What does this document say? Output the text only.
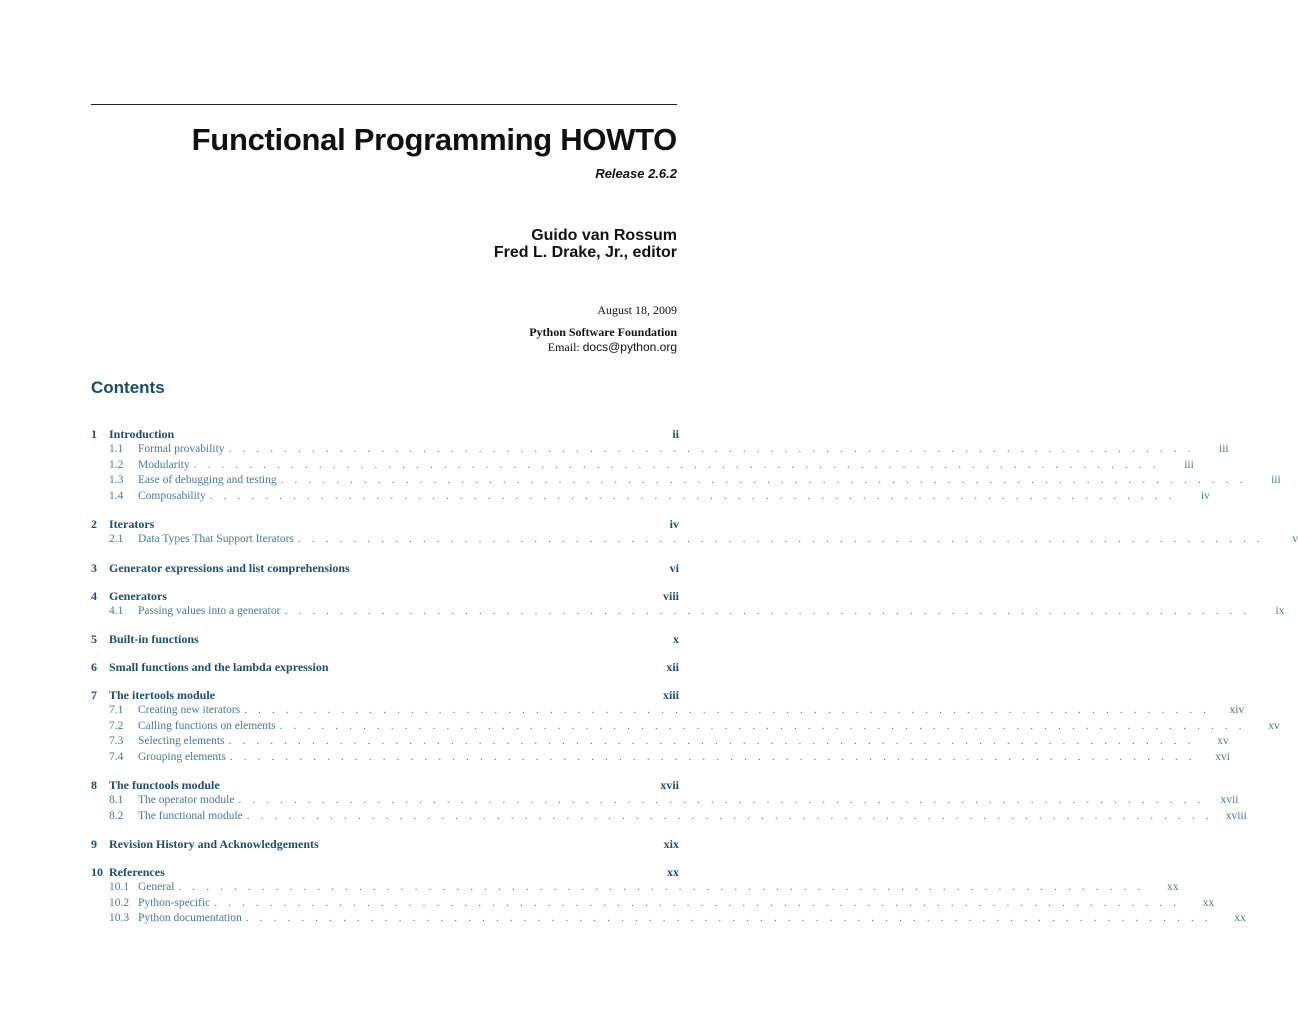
Functional Programming HOWTO
Release 2.6.2
Guido van Rossum
Fred L. Drake, Jr., editor
August 18, 2009
Python Software Foundation
Email: docs@python.org
Contents
1	Introduction	ii
1.1	Formal provability . . . . . . . . . . . . . . . . . . . . . . . . . . . . . . . . . . . . . . . . . . . . . . . . . . . . . . . . . . . . . . . . . . . . . .	iii
1.2	Modularity . . . . . . . . . . . . . . . . . . . . . . . . . . . . . . . . . . . . . . . . . . . . . . . . . . . . . . . . . . . . . . . . . . . . . .	iii
1.3	Ease of debugging and testing . . . . . . . . . . . . . . . . . . . . . . . . . . . . . . . . . . . . . . . . . . . . . . . . . . . . . . . . . . . . . . . . . . . . . .	iii
1.4	Composability . . . . . . . . . . . . . . . . . . . . . . . . . . . . . . . . . . . . . . . . . . . . . . . . . . . . . . . . . . . . . . . . . . . . . .	iv
2	Iterators	iv
2.1	Data Types That Support Iterators . . . . . . . . . . . . . . . . . . . . . . . . . . . . . . . . . . . . . . . . . . . . . . . . . . . . . . . . . . . . . . . . . . . . . .	v
3	Generator expressions and list comprehensions	vi
4	Generators	viii
4.1	Passing values into a generator . . . . . . . . . . . . . . . . . . . . . . . . . . . . . . . . . . . . . . . . . . . . . . . . . . . . . . . . . . . . . . . . . . . . . .	ix
5	Built-in functions	x
6	Small functions and the lambda expression	xii
7	The itertools module	xiii
7.1	Creating new iterators . . . . . . . . . . . . . . . . . . . . . . . . . . . . . . . . . . . . . . . . . . . . . . . . . . . . . . . . . . . . . . . . . . . . . .	xiv
7.2	Calling functions on elements . . . . . . . . . . . . . . . . . . . . . . . . . . . . . . . . . . . . . . . . . . . . . . . . . . . . . . . . . . . . . . . . . . . . . .	xv
7.3	Selecting elements . . . . . . . . . . . . . . . . . . . . . . . . . . . . . . . . . . . . . . . . . . . . . . . . . . . . . . . . . . . . . . . . . . . . . .	xv
7.4	Grouping elements . . . . . . . . . . . . . . . . . . . . . . . . . . . . . . . . . . . . . . . . . . . . . . . . . . . . . . . . . . . . . . . . . . . . . .	xvi
8	The functools module	xvii
8.1	The operator module . . . . . . . . . . . . . . . . . . . . . . . . . . . . . . . . . . . . . . . . . . . . . . . . . . . . . . . . . . . . . . . . . . . . . .	xvii
8.2	The functional module . . . . . . . . . . . . . . . . . . . . . . . . . . . . . . . . . . . . . . . . . . . . . . . . . . . . . . . . . . . . . . . . . . . . . .	xviii
9	Revision History and Acknowledgements	xix
10 References	xx
10.1 General . . . . . . . . . . . . . . . . . . . . . . . . . . . . . . . . . . . . . . . . . . . . . . . . . . . . . . . . . . . . . . . . . . . . . .	xx
10.2 Python-specific . . . . . . . . . . . . . . . . . . . . . . . . . . . . . . . . . . . . . . . . . . . . . . . . . . . . . . . . . . . . . . . . . . . . . .	xx
10.3 Python documentation . . . . . . . . . . . . . . . . . . . . . . . . . . . . . . . . . . . . . . . . . . . . . . . . . . . . . . . . . . . . . . . . . . . . . .	xx
